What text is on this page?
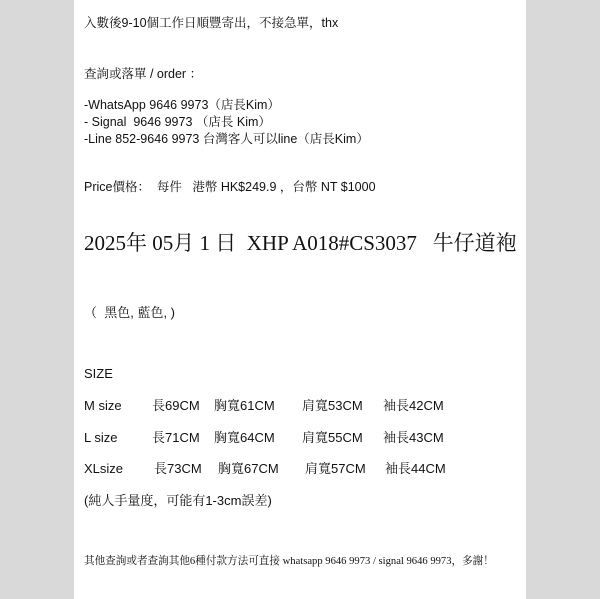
入數後9-10個工作日順豐寄出，不接急單，thx
查詢或落單 / order ：
-WhatsApp 9646 9973（店長Kim）
- Signal  9646 9973 （店長 Kim）
-Line 852-9646 9973 台灣客人可以line（店長Kim）
Price價格：  每件   港幣 HK$249.9 ，台幣 NT $1000
2025年 05月 1 日  XHP A018#CS3037   牛仔道袍
（  黑色, 藍色, )
SIZE
M size 長69CM 胸寬61CM 肩寬53CM 袖長42CM
L size	長71CM 胸寬64CM 肩寬55CM 袖長43CM
XLsize 長73CM 胸寬67CM 肩寬57CM 袖長44CM
(純人手量度，可能有1-3cm誤差)
其他查詢或者查詢其他6種付款方法可直接 whatsapp 9646 9973 / signal 9646 9973，多謝！
